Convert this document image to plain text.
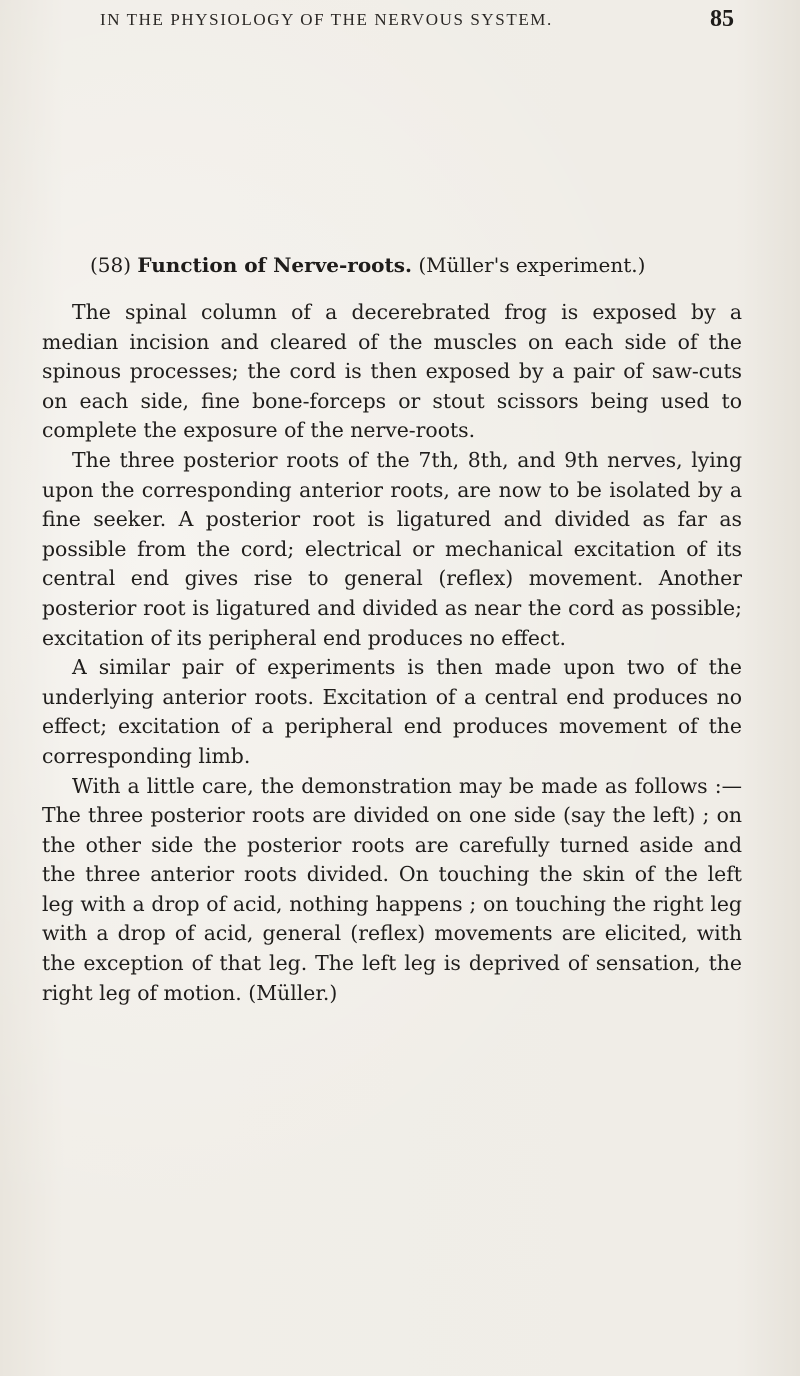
IN THE PHYSIOLOGY OF THE NERVOUS SYSTEM.	85
(58) Function of Nerve-roots. (Müller's experiment.)

The spinal column of a decerebrated frog is exposed by a median incision and cleared of the muscles on each side of the spinous processes; the cord is then exposed by a pair of saw-cuts on each side, fine bone-forceps or stout scissors being used to complete the exposure of the nerve-roots.

The three posterior roots of the 7th, 8th, and 9th nerves, lying upon the corresponding anterior roots, are now to be isolated by a fine seeker. A posterior root is ligatured and divided as far as possible from the cord; electrical or mechanical excitation of its central end gives rise to general (reflex) movement. Another posterior root is ligatured and divided as near the cord as possible; excitation of its peripheral end produces no effect.

A similar pair of experiments is then made upon two of the underlying anterior roots. Excitation of a central end produces no effect; excitation of a peripheral end produces movement of the corresponding limb.

With a little care, the demonstration may be made as follows :—The three posterior roots are divided on one side (say the left) ; on the other side the posterior roots are carefully turned aside and the three anterior roots divided. On touching the skin of the left leg with a drop of acid, nothing happens ; on touching the right leg with a drop of acid, general (reflex) movements are elicited, with the exception of that leg. The left leg is deprived of sensation, the right leg of motion. (Müller.)
